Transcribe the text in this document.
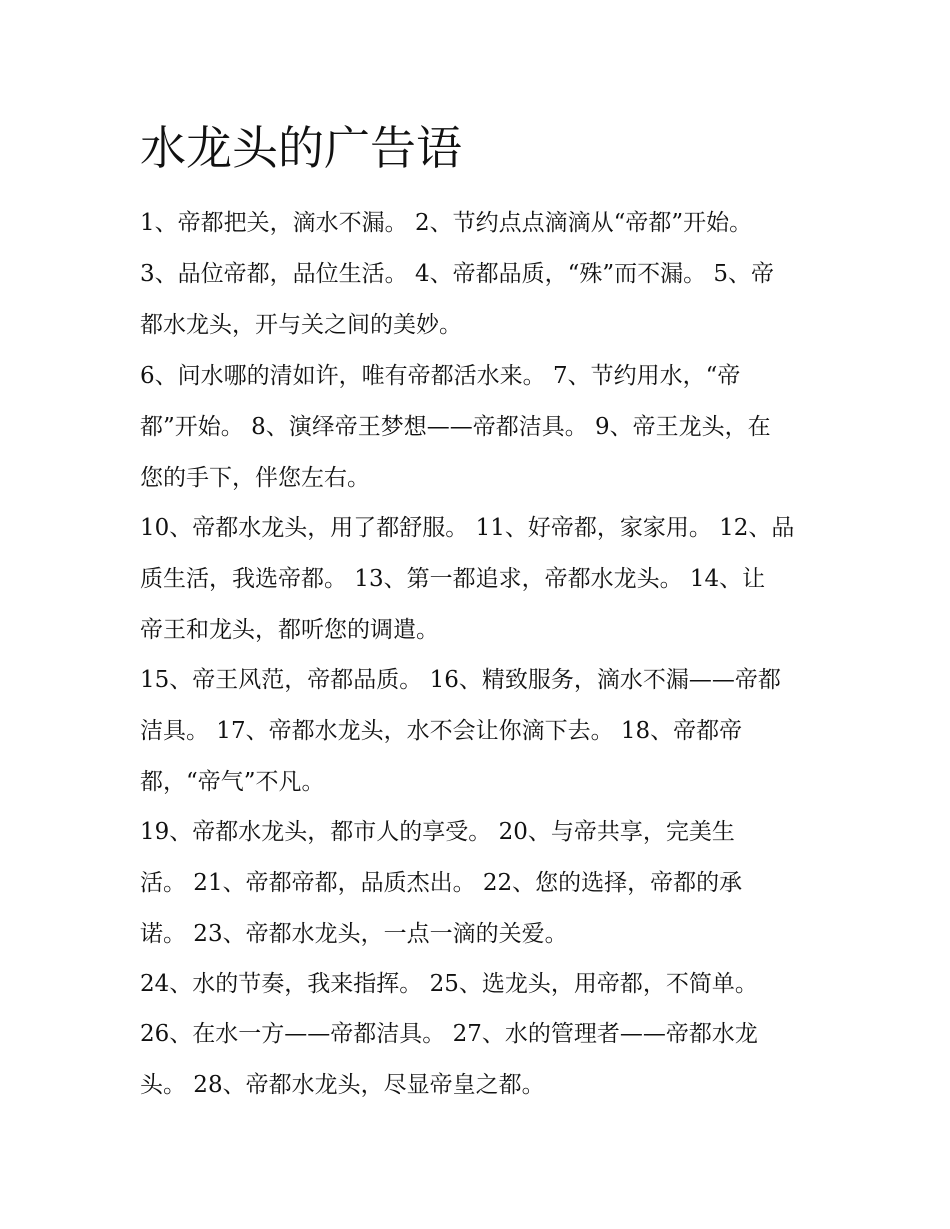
水龙头的广告语
1、帝都把关，滴水不漏。 2、节约点点滴滴从“帝都”开始。
3、品位帝都，品位生活。 4、帝都品质，“殊”而不漏。 5、帝
都水龙头，开与关之间的美妙。
6、问水哪的清如许，唯有帝都活水来。 7、节约用水，“帝
都”开始。 8、演绎帝王梦想——帝都洁具。 9、帝王龙头，在
您的手下，伴您左右。
10、帝都水龙头，用了都舒服。 11、好帝都，家家用。 12、品
质生活，我选帝都。 13、第一都追求，帝都水龙头。 14、让
帝王和龙头，都听您的调遣。
15、帝王风范，帝都品质。 16、精致服务，滴水不漏——帝都
洁具。 17、帝都水龙头，水不会让你滴下去。 18、帝都帝
都，“帝气”不凡。
19、帝都水龙头，都市人的享受。 20、与帝共享，完美生
活。 21、帝都帝都，品质杰出。 22、您的选择，帝都的承
诺。 23、帝都水龙头，一点一滴的关爱。
24、水的节奏，我来指挥。 25、选龙头，用帝都，不简单。
26、在水一方——帝都洁具。 27、水的管理者——帝都水龙
头。 28、帝都水龙头，尽显帝皇之都。
